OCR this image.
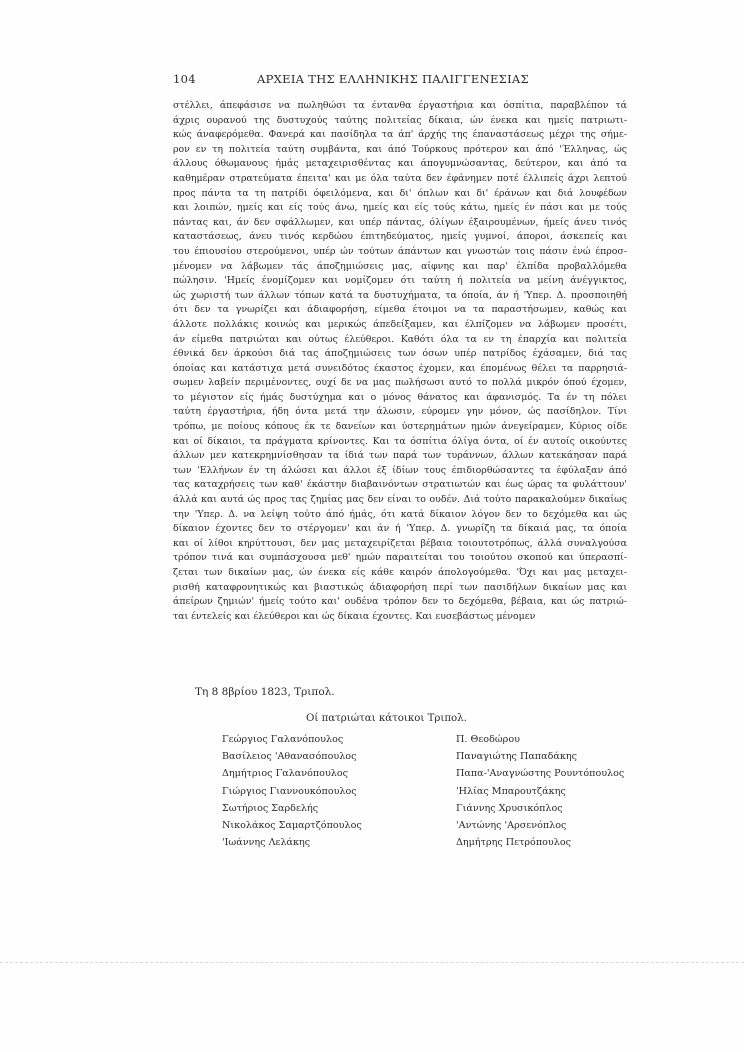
104	ΑΡΧΕΙΑ ΤΗΣ ΕΛΛΗΝΙΚΗΣ ΠΑΛΙΓΓΕΝΕΣΙΑΣ
στέλλει, άπεφάσισε να πωληθώσι τα έντανθα έργαστήρια και όσπίτια, παραβλέπον τά
άχρις ουρανού της δυστυχούς ταύτης πολιτείας δίκαια, ών ένεκα και ημείς πατριωτι-
κώς άναφερόμεθα. Φανερά και πασίδηλα τα άπ' άρχής της έπαναστάσεως μέχρι της σήμε-
ρον εν τη πολιτεία ταύτη συμβάντα, και άπό Τούρκους πρότερον και άπό 'Έλληνας, ώς
άλλους όθωμανους ήμάς μεταχειρισθέντας και άπογυμνώσαντας, δεύτερον, και άπό τα
καθημέραν στρατεύματα έπειτα' και με όλα ταύτα δεν έφάνημεν ποτέ έλλιπείς άχρι λεπτού
προς πάντα τα τη πατρίδι όφειλόμενα, και δι' όπλων και δι' έράνων και διά λουφέδων
και λοιπών, ημείς και είς τούς άνω, ημείς και είς τούς κάτω, ημείς έν πάσι και με τούς
πάντας και, άν δεν σφάλλωμεν, και υπέρ πάντας, όλίγων έξαιρουμένων, ήμείς άνευ τινός
καταστάσεως, άνευ τινός κερδώου έπιτηδεύματος, ημείς γυμνοί, άποροι, άσκεπείς και
του έπιουσίου στερούμενοι, υπέρ ών τούτων άπάντων και γνωστών τοις πάσιν ένώ έπροσ-
μένομεν να λάβωμεν τάς άποζημιώσεις μας, αίφνης και παρ' έλπίδα προβαλλόμεθα
πώλησιν. 'Ημείς ένομίζομεν και νομίζομεν ότι ταύτη ή πολιτεία να μείνη άνέγγικτος,
ώς χωριστή των άλλων τόπων κατά τα δυστυχήματα, τα όποία, άν ή 'Υπερ. Δ. προσποιηθή
ότι δεν τα γνωρίζει και άδιαφορήση, είμεθα έτοιμοι να τα παραστήσωμεν, καθώς και
άλλοτε πολλάκις κοινώς και μερικώς άπεδείξαμεν, και έλπίζομεν να λάβωμεν προσέτι,
άν είμεθα πατριώται και ούτως έλεύθεροι. Καθότι όλα τα εν τη έπαρχία και πολιτεία
έθνικά δεν άρκούσι διά τας άποζημιώσεις των όσων υπέρ πατρίδος έχάσαμεν, διά τας
όποίας και κατάστιχα μετά συνειδότος έκαστος έχομεν, και έπομένως θέλει τα παρρησιά-
σωμεν λαβείν περιμένοντες, ουχί δε να μας πωλήσωσι αυτό το πολλά μικρόν όπού έχομεν,
το μέγιστον είς ήμάς δυστύχημα και ο μόνος θάνατος και άφανισμός. Τα έν τη πόλει
ταύτη έργαστήρια, ήδη όντα μετά την άλωσιν, εύρομεν γην μόνον, ώς πασίδηλον. Τίνι
τρόπω, με ποίους κόπους έκ τε δανείων και ύστερημάτων ημών άνεγείραμεν, Κύριος οίδε
και οί δίκαιοι, τα πράγματα κρίνοντες. Και τα όσπίτια όλίγα όντα, οί έν αυτοίς οικούντες
άλλων μεν κατεκρημνίσθησαν τα ίδιά των παρά των τυράννων, άλλων κατεκάησαν παρά
των 'Ελλήνων έν τη άλώσει και άλλοι έξ ίδίων τους έπιδιορθώσαντες τα έφύλαξαν άπό
τας καταχρήσεις των καθ' έκάστην διαβαινόντων στρατιωτών και έως ώρας τα φυλάττουν'
άλλά και αυτά ώς προς τας ζημίας μας δεν είναι το ουδέν. Διά τούτο παρακαλούμεν δικαίως
την 'Υπερ. Δ. να λείψη τούτο άπό ήμάς, ότι κατά δίκαιον λόγον δεν το δεχόμεθα και ώς
δίκαιον έχοντες δεν το στέργομεν' και άν ή 'Υπερ. Δ. γνωρίζη τα δίκαιά μας, τα όποία
και οί λίθοι κηρύττουσι, δεν μας μεταχειρίζεται βέβαια τοιουτοτρόπως, άλλά συναλγούσα
τρόπον τινά και συμπάσχουσα μεθ' ημών παραιτείται του τοιούτου σκοπού και ύπερασπί-
ζεται των δικαίων μας, ών ένεκα είς κάθε καιρόν άπολογούμεθα. 'Όχι και μας μεταχει-
ρισθή καταφρονητικώς και βιαστικώς άδιαφορήση περί των πασιδήλων δικαίων μας και
άπείρων ζημιών' ήμείς τούτο και' ουδένα τρόπον δεν το δεχόμεθα, βέβαια, και ώς πατριώ-
ται έντελείς και έλεύθεροι και ώς δίκαια έχοντες. Και ευσεβάστως μένομεν
Τη 8 8βρίου 1823, Τριπολ.
Οί πατριώται κάτοικοι Τριπολ.
Γεώργιος Γαλανόπουλος
Βασίλειος 'Αθανασόπουλος
Δημήτριος Γαλανόπουλος
Γιώργιος Γιαννουκόπουλος
Σωτήριος Σαρδελής
Νικολάκος Σαμαρτζόπουλος
'Ιωάννης Λελάκης
Π. Θεοδώρου
Παναγιώτης Παπαδάκης
Παπα-'Αναγνώστης Ρουντόπουλος
'Ηλίας Μπαρουτζάκης
Γιάννης Χρυσικόπλος
'Αντώνης 'Αρσενόπλος
Δημήτρης Πετρόπουλος
